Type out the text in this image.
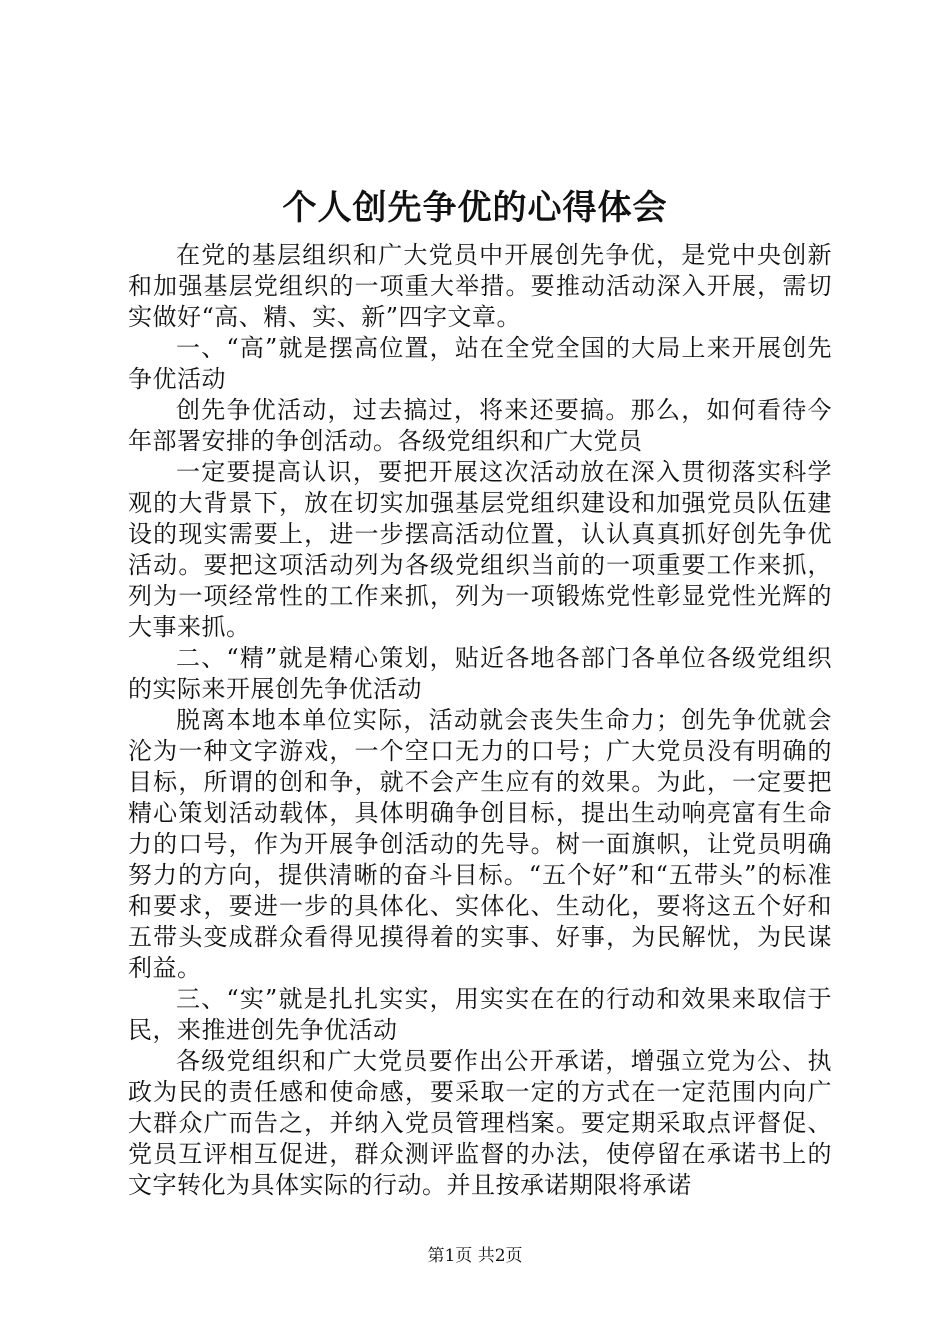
个人创先争优的心得体会

在党的基层组织和广大党员中开展创先争优，是党中央创新和加强基层党组织的一项重大举措。要推动活动深入开展，需切实做好“高、精、实、新”四字文章。

一、“高”就是摆高位置，站在全党全国的大局上来开展创先争优活动

创先争优活动，过去搞过，将来还要搞。那么，如何看待今年部署安排的争创活动。各级党组织和广大党员

一定要提高认识，要把开展这次活动放在深入贯彻落实科学观的大背景下，放在切实加强基层党组织建设和加强党员队伍建设的现实需要上，进一步摆高活动位置，认认真真抓好创先争优活动。要把这项活动列为各级党组织当前的一项重要工作来抓，列为一项经常性的工作来抓，列为一项锻炼党性彰显党性光辉的大事来抓。

二、“精”就是精心策划，贴近各地各部门各单位各级党组织的实际来开展创先争优活动

脱离本地本单位实际，活动就会丧失生命力；创先争优就会沦为一种文字游戏，一个空口无力的口号；广大党员没有明确的目标，所谓的创和争，就不会产生应有的效果。为此，一定要把精心策划活动载体，具体明确争创目标，提出生动响亮富有生命力的口号，作为开展争创活动的先导。树一面旗帜，让党员明确努力的方向，提供清晰的奋斗目标。“五个好”和“五带头”的标准和要求，要进一步的具体化、实体化、生动化，要将这五个好和五带头变成群众看得见摸得着的实事、好事，为民解忧，为民谋利益。

三、“实”就是扎扎实实，用实实在在的行动和效果来取信于民，来推进创先争优活动

各级党组织和广大党员要作出公开承诺，增强立党为公、执政为民的责任感和使命感，要采取一定的方式在一定范围内向广大群众广而告之，并纳入党员管理档案。要定期采取点评督促、党员互评相互促进，群众测评监督的办法，使停留在承诺书上的文字转化为具体实际的行动。并且按承诺期限将承诺

第1页 共2页
